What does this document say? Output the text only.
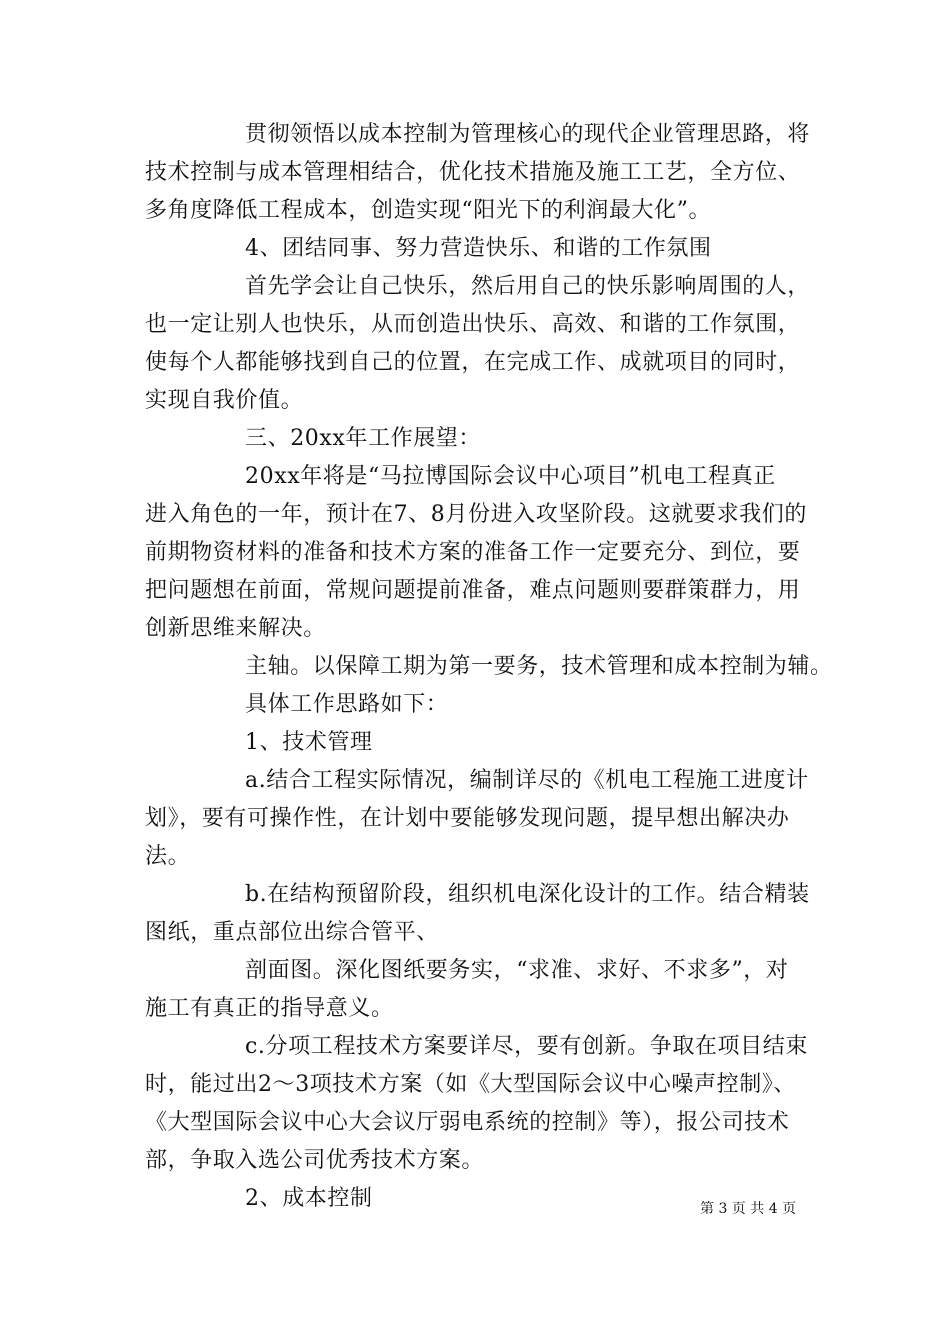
贯彻领悟以成本控制为管理核心的现代企业管理思路，将
技术控制与成本管理相结合，优化技术措施及施工工艺，全方位、
多角度降低工程成本，创造实现“阳光下的利润最大化”。
4、团结同事、努力营造快乐、和谐的工作氛围
首先学会让自己快乐，然后用自己的快乐影响周围的人，
也一定让别人也快乐，从而创造出快乐、高效、和谐的工作氛围，
使每个人都能够找到自己的位置，在完成工作、成就项目的同时，
实现自我价值。
三、20xx年工作展望：
20xx年将是“马拉博国际会议中心项目”机电工程真正
进入角色的一年，预计在7、8月份进入攻坚阶段。这就要求我们的
前期物资材料的准备和技术方案的准备工作一定要充分、到位，要
把问题想在前面，常规问题提前准备，难点问题则要群策群力，用
创新思维来解决。
主轴。以保障工期为第一要务，技术管理和成本控制为辅。
具体工作思路如下：
1、技术管理
a.结合工程实际情况，编制详尽的《机电工程施工进度计
划》，要有可操作性，在计划中要能够发现问题，提早想出解决办
法。
b.在结构预留阶段，组织机电深化设计的工作。结合精装
图纸，重点部位出综合管平、
剖面图。深化图纸要务实，“求准、求好、不求多”，对
施工有真正的指导意义。
c.分项工程技术方案要详尽，要有创新。争取在项目结束
时，能过出2～3项技术方案（如《大型国际会议中心噪声控制》、
《大型国际会议中心大会议厅弱电系统的控制》等），报公司技术
部，争取入选公司优秀技术方案。
2、成本控制	第 3 页 共 4 页
